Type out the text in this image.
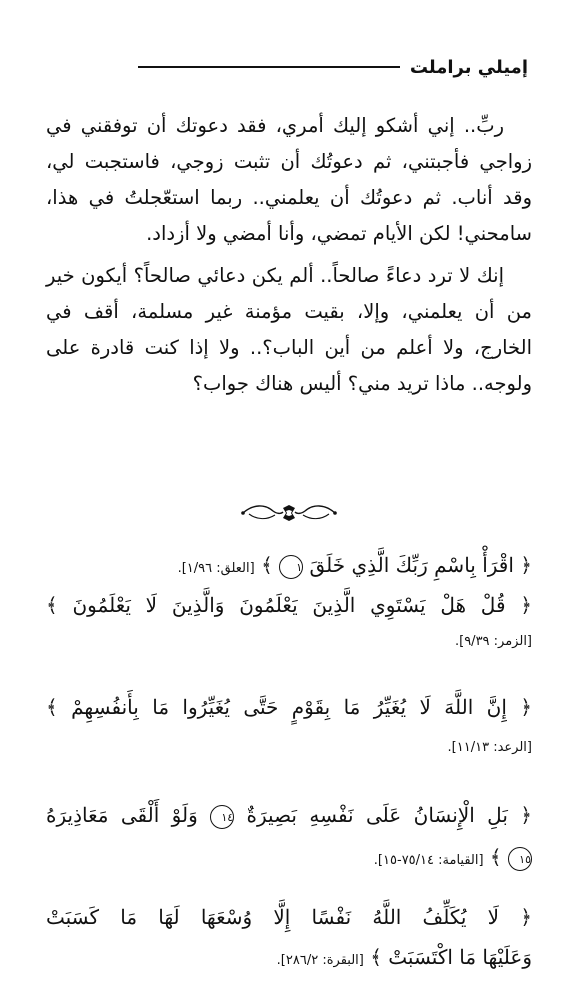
إميلي براملت

ربِّ.. إني أشكو إليك أمري، فقد دعوتك أن توفقني في زواجي فأجبتني، ثم دعوتُك أن تثبت زوجي، فاستجبت لي، وقد أناب. ثم دعوتُك أن يعلمني.. ربما استعّجلتُ في هذا، سامحني! لكن الأيام تمضي، وأنا أمضي ولا أزداد.

إنك لا ترد دعاءً صالحاً.. ألم يكن دعائي صالحاً؟ أيكون خير من أن يعلمني، وإلا، بقيت مؤمنة غير مسلمة، أقف في الخارج، ولا أعلم من أين الباب؟.. ولا إذا كنت قادرة على ولوجه.. ماذا تريد مني؟ أليس هناك جواب؟

﴿ اقْرَأْ بِاسْمِ رَبِّكَ الَّذِي خَلَقَ ١ ﴾ [العلق: ١/٩٦].
﴿ قُلْ هَلْ يَسْتَوِي الَّذِينَ يَعْلَمُونَ وَالَّذِينَ لَا يَعْلَمُونَ ﴾
[الزمر: ٩/٣٩].
﴿ إِنَّ اللَّهَ لَا يُغَيِّرُ مَا بِقَوْمٍ حَتَّى يُغَيِّرُوا مَا بِأَنفُسِهِمْ ﴾
[الرعد: ١١/١٣].
﴿ بَلِ الْإِنسَانُ عَلَى نَفْسِهِ بَصِيرَةٌ ١٤ وَلَوْ أَلْقَى مَعَاذِيرَهُ
١٥ ﴾ [القيامة: ٧٥/١٤-١٥].
﴿ لَا يُكَلِّفُ اللَّهُ نَفْسًا إِلَّا وُسْعَهَا لَهَا مَا كَسَبَتْ
وَعَلَيْهَا مَا اكْتَسَبَتْ ﴾ [البقرة: ٢٨٦/٢].
